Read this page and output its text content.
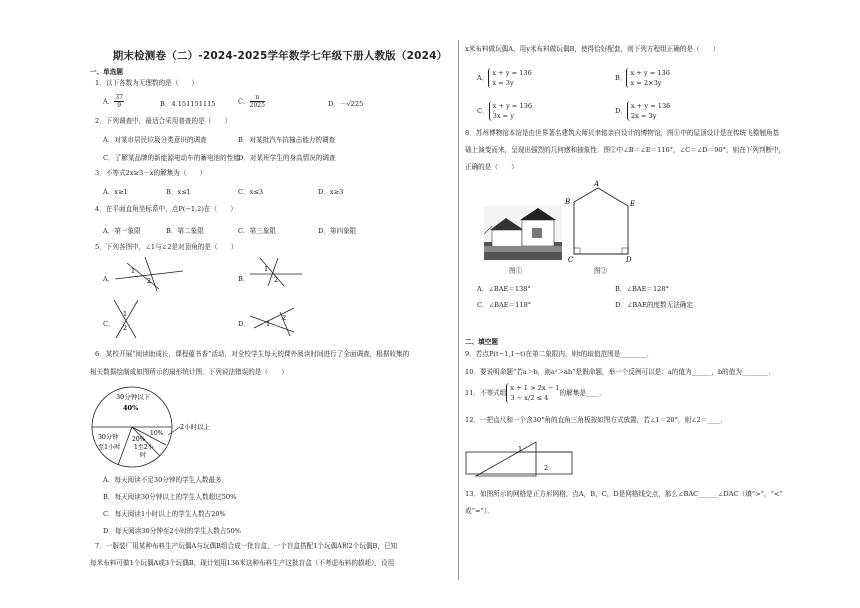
期末检测卷（二）-2024-2025学年数学七年级下册人教版（2024）
一、单选题
1．以下各数为无理数的是（　　）
A． $\frac{37}{9}$	B．4.151151115	C． $\frac{\pi}{2025}$	D．－√225
2．下列调查中，最适合采用普查的是（　　）
A．对某市居民垃圾分类意识的调查	B．对某批汽车抗撞击能力的调查
C．了解某品牌的新能源电动车的蓄电池的性能
D．对某班学生的身高情况的调查
3．不等式2x≥3－x的解集为（　　）
A．x≥1	B．x≤1	C．x≤3	D．x≥3
4．在平面直角坐标系中，点P(−1,2)在（　　）
A．第一象限	B．第二象限	C．第三象限	D．第四象限
5．下列各图中，∠1与∠2是对顶角的是（　　）
A．
1
2	B．
1
2
C．
1
2	D． 1
2
6．某校开展“阅读助成长，课程蕴书香”活动，对全校学生每天的课外阅读时间进行了全面调查，根据收集的
相关数据绘制成如图所示的扇形统计图．下列说法错误的是（　　）
30分钟以下
40%
30分钟
至1小时
10%
20%
1至2小
时
2小时以上
A．每天阅读不足30分钟的学生人数最多
B．每天阅读30分钟以上的学生人数超过50%
C．每天阅读1小时以上的学生人数占20%
D．每天阅读30分钟至2小时的学生人数占50%
7．一服装厂用某种布料生产玩偶A与玩偶B组合成一批盲盒，一个盲盒搭配1个玩偶A和2个玩偶B，已知
每米布料可做1个玩偶A或3个玩偶B，现计划用136米这种布料生产这批盲盒（不考虑布料的损耗），设用
x米布料做玩偶A，用y米布料做玩偶B，使得恰好配套，则下列方程组正确的是（　　）
A．x + y = 136
x = 3y
B．x + y = 136
x = 2×3y
C．x + y = 136
3x = y
D．x + y = 136
2x = 3y
8．苏州博物馆本馆是由世界著名建筑大师贝聿铭亲自设计的博物馆，图①中的屋顶设计是在传统飞檐翘角基
础上演变而来，呈现出强烈的几何感和抽象性．图②中∠B＝∠E＝116°，∠C＝∠D＝90°，则在下列判断中，
正确的是（　　）
图①
A
B	E
C	D
图②
A．∠BAE＝138°	B．∠BAE＝128°
C．∠BAE＝118°	D．∠BAE的度数无法确定
二、填空题
9．若点P(t−1,1−t)在第二象限内，则t的取值范围是________．
10．要说明命题“若a＞b，则a²＞ab”是假命题，举一个反例可以是：a的值为______，b的值为________．
11．不等式组x + 1 > 2x − 1
3 − x/2 ≤ 4的解集是____．
12．一把直尺和一个含30°角的直角三角板按如图方式放置，若∠1＝20°，则∠2＝____．
1
2
13．如图所示的网格是正方形网格，点A，B，C，D是网格线交点，那么∠BAC______∠DAC（填“>”，“<”
或“=”）．
